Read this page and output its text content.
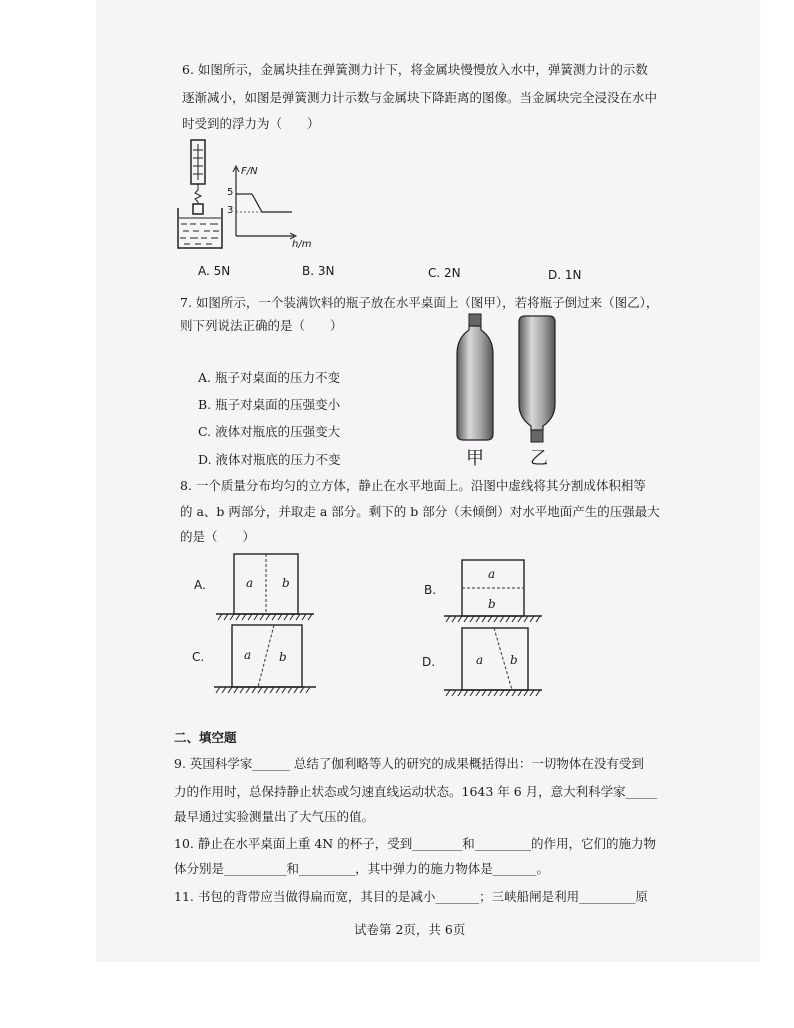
6. 如图所示，金属块挂在弹簧测力计下，将金属块慢慢放入水中，弹簧测力计的示数
逐渐减小，如图是弹簧测力计示数与金属块下降距离的图像。当金属块完全浸没在水中
时受到的浮力为（　　）
F/N
h/m
5
3
A. 5N	B. 3N	C. 2N	D. 1N
7. 如图所示，一个装满饮料的瓶子放在水平桌面上（图甲），若将瓶子倒过来（图乙），
则下列说法正确的是（　　）
A. 瓶子对桌面的压力不变
B. 瓶子对桌面的压强变小
C. 液体对瓶底的压强变大
D. 液体对瓶底的压力不变	甲	乙
8. 一个质量分布均匀的立方体，静止在水平地面上。沿图中虚线将其分割成体积相等
的 a、b 两部分，并取走 a 部分。剩下的 b 部分（未倾倒）对水平地面产生的压强最大
的是（　　）
A.	a b	B.
a
b
C.	a b	D.	a b
二、填空题
9. 英国科学家______ 总结了伽利略等人的研究的成果概括得出：一切物体在没有受到
力的作用时，总保持静止状态或匀速直线运动状态。1643 年 6 月，意大利科学家_____
最早通过实验测量出了大气压的值。
10. 静止在水平桌面上重 4N 的杯子，受到________和_________的作用，它们的施力物
体分别是__________和_________，其中弹力的施力物体是_______。
11. 书包的背带应当做得扁而宽，其目的是减小_______；三峡船闸是利用_________原
试卷第 2页，共 6页
